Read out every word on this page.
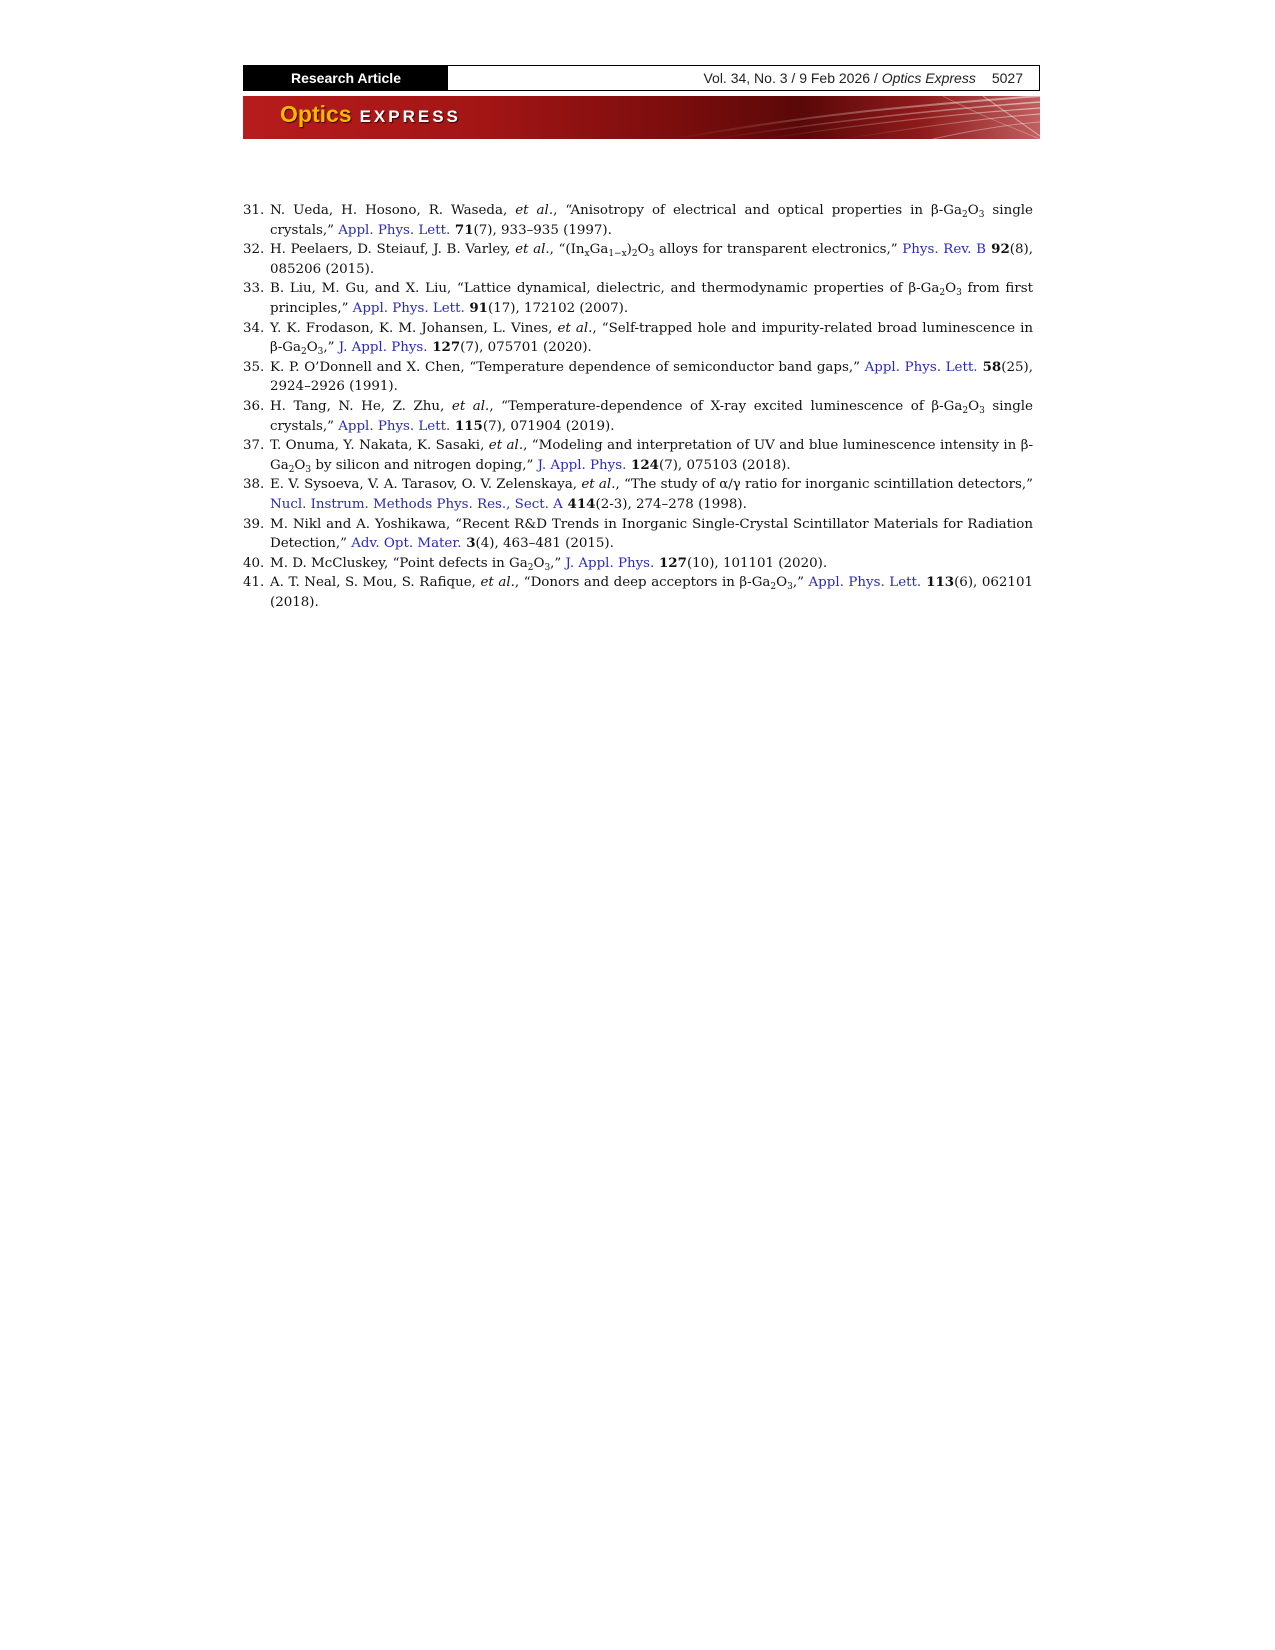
Research Article	Vol. 34, No. 3 / 9 Feb 2026 /
Optics Express 5027
Optics EXPRESS
31. N. Ueda, H. Hosono, R. Waseda, et al., “Anisotropy of electrical and optical properties in $\beta-Ga_2O_3$ single crystals,” Appl. Phys. Lett. 71(7), 933–935 (1997).
32. H. Peelaers, D. Steiauf, J. B. Varley, et al., “$(In_xGa_{1-x})_2O_3$ alloys for transparent electronics,” Phys. Rev. B 92(8), 085206 (2015).
33. B. Liu, M. Gu, and X. Liu, “Lattice dynamical, dielectric, and thermodynamic properties of $\beta-Ga_2O_3$ from first principles,” Appl. Phys. Lett. 91(17), 172102 (2007).
34. Y. K. Frodason, K. M. Johansen, L. Vines, et al., “Self-trapped hole and impurity-related broad luminescence in $\beta-Ga_2O_3$,” J. Appl. Phys. 127(7), 075701 (2020).
35. K. P. O’Donnell and X. Chen, “Temperature dependence of semiconductor band gaps,” Appl. Phys. Lett. 58(25), 2924–2926 (1991).
36. H. Tang, N. He, Z. Zhu, et al., “Temperature-dependence of X-ray excited luminescence of $\beta-Ga_2O_3$ single crystals,” Appl. Phys. Lett. 115(7), 071904 (2019).
37. T. Onuma, Y. Nakata, K. Sasaki, et al., “Modeling and interpretation of UV and blue luminescence intensity in $\beta-Ga_2O_3$ by silicon and nitrogen doping,” J. Appl. Phys. 124(7), 075103 (2018).
38. E. V. Sysoeva, V. A. Tarasov, O. V. Zelenskaya, et al., “The study of α/γ ratio for inorganic scintillation detectors,” Nucl. Instrum. Methods Phys. Res., Sect. A 414(2-3), 274–278 (1998).
39. M. Nikl and A. Yoshikawa, “Recent R&D Trends in Inorganic Single-Crystal Scintillator Materials for Radiation Detection,” Adv. Opt. Mater. 3(4), 463–481 (2015).
40. M. D. McCluskey, “Point defects in $Ga_2O_3$,” J. Appl. Phys. 127(10), 101101 (2020).
41. A. T. Neal, S. Mou, S. Rafique, et al., “Donors and deep acceptors in $\beta-Ga_2O_3$,” Appl. Phys. Lett. 113(6), 062101 (2018).
